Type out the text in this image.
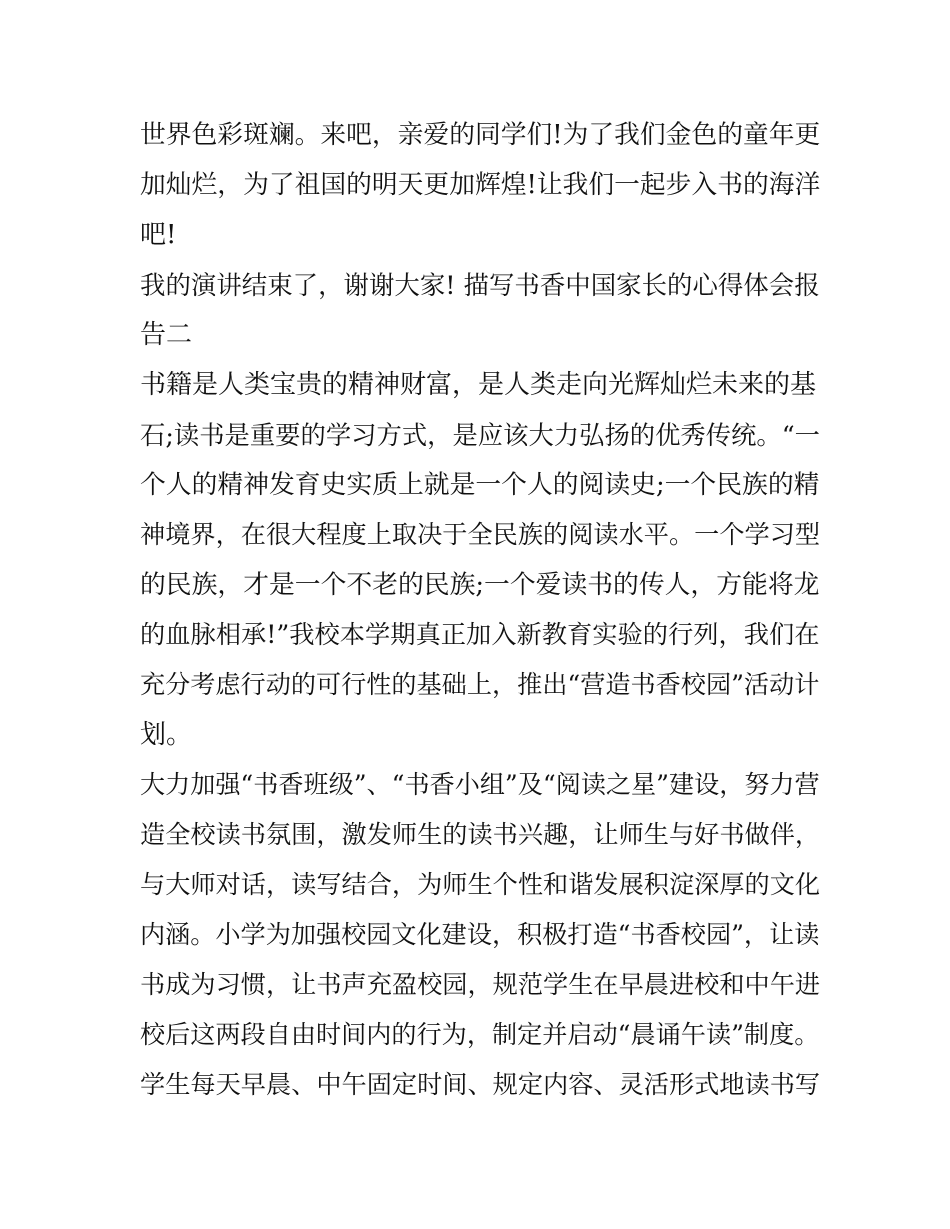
世界色彩斑斓。来吧，亲爱的同学们!为了我们金色的童年更
加灿烂，为了祖国的明天更加辉煌!让我们一起步入书的海洋
吧!
我的演讲结束了，谢谢大家! 描写书香中国家长的心得体会报
告二
书籍是人类宝贵的精神财富，是人类走向光辉灿烂未来的基
石;读书是重要的学习方式，是应该大力弘扬的优秀传统。“一
个人的精神发育史实质上就是一个人的阅读史;一个民族的精
神境界，在很大程度上取决于全民族的阅读水平。一个学习型
的民族，才是一个不老的民族;一个爱读书的传人，方能将龙
的血脉相承!”我校本学期真正加入新教育实验的行列，我们在
充分考虑行动的可行性的基础上，推出“营造书香校园”活动计
划。
大力加强“书香班级”、“书香小组”及“阅读之星”建设，努力营
造全校读书氛围，激发师生的读书兴趣，让师生与好书做伴，
与大师对话，读写结合，为师生个性和谐发展积淀深厚的文化
内涵。小学为加强校园文化建设，积极打造“书香校园”，让读
书成为习惯，让书声充盈校园，规范学生在早晨进校和中午进
校后这两段自由时间内的行为，制定并启动“晨诵午读”制度。
学生每天早晨、中午固定时间、规定内容、灵活形式地读书写
